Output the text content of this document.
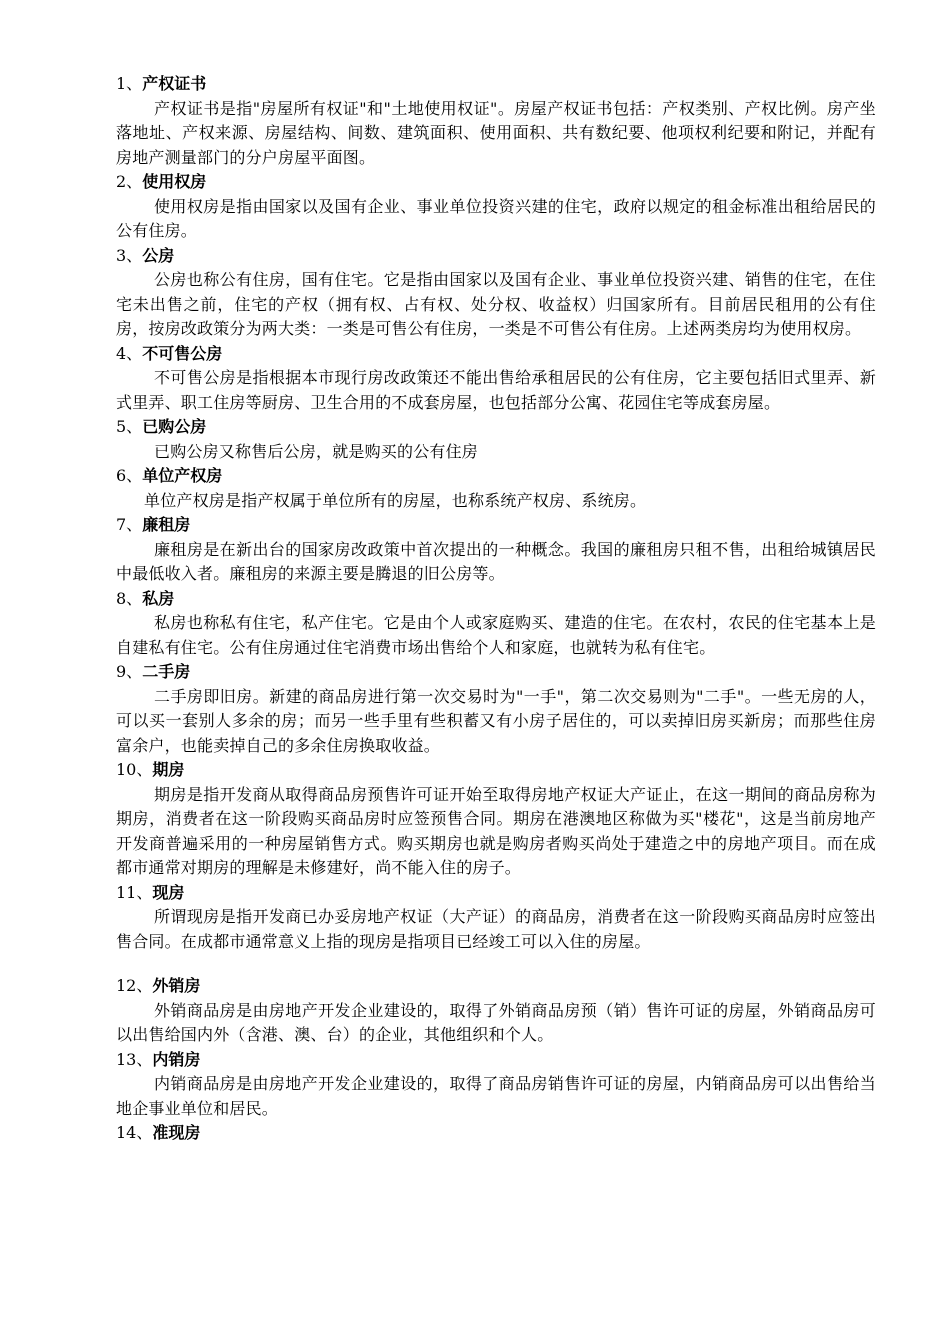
1、产权证书

产权证书是指"房屋所有权证"和"土地使用权证"。房屋产权证书包括：产权类别、产权比例。房产坐落地址、产权来源、房屋结构、间数、建筑面积、使用面积、共有数纪要、他项权利纪要和附记，并配有房地产测量部门的分户房屋平面图。

2、使用权房

使用权房是指由国家以及国有企业、事业单位投资兴建的住宅，政府以规定的租金标准出租给居民的公有住房。

3、公房

公房也称公有住房，国有住宅。它是指由国家以及国有企业、事业单位投资兴建、销售的住宅，在住宅未出售之前，住宅的产权（拥有权、占有权、处分权、收益权）归国家所有。目前居民租用的公有住房，按房改政策分为两大类：一类是可售公有住房，一类是不可售公有住房。上述两类房均为使用权房。

4、不可售公房

不可售公房是指根据本市现行房改政策还不能出售给承租居民的公有住房，它主要包括旧式里弄、新式里弄、职工住房等厨房、卫生合用的不成套房屋，也包括部分公寓、花园住宅等成套房屋。

5、已购公房

已购公房又称售后公房，就是购买的公有住房

6、单位产权房

单位产权房是指产权属于单位所有的房屋，也称系统产权房、系统房。

7、廉租房

廉租房是在新出台的国家房改政策中首次提出的一种概念。我国的廉租房只租不售，出租给城镇居民中最低收入者。廉租房的来源主要是腾退的旧公房等。

8、私房

私房也称私有住宅，私产住宅。它是由个人或家庭购买、建造的住宅。在农村，农民的住宅基本上是自建私有住宅。公有住房通过住宅消费市场出售给个人和家庭，也就转为私有住宅。

9、二手房

二手房即旧房。新建的商品房进行第一次交易时为"一手"，第二次交易则为"二手"。一些无房的人，可以买一套别人多余的房；而另一些手里有些积蓄又有小房子居住的，可以卖掉旧房买新房；而那些住房富余户，也能卖掉自己的多余住房换取收益。

10、期房

期房是指开发商从取得商品房预售许可证开始至取得房地产权证大产证止，在这一期间的商品房称为期房，消费者在这一阶段购买商品房时应签预售合同。期房在港澳地区称做为买"楼花"，这是当前房地产开发商普遍采用的一种房屋销售方式。购买期房也就是购房者购买尚处于建造之中的房地产项目。而在成都市通常对期房的理解是未修建好，尚不能入住的房子。

11、现房

所谓现房是指开发商已办妥房地产权证（大产证）的商品房，消费者在这一阶段购买商品房时应签出售合同。在成都市通常意义上指的现房是指项目已经竣工可以入住的房屋。

12、外销房

外销商品房是由房地产开发企业建设的，取得了外销商品房预（销）售许可证的房屋，外销商品房可以出售给国内外（含港、澳、台）的企业，其他组织和个人。

13、内销房

内销商品房是由房地产开发企业建设的，取得了商品房销售许可证的房屋，内销商品房可以出售给当地企事业单位和居民。

14、准现房
